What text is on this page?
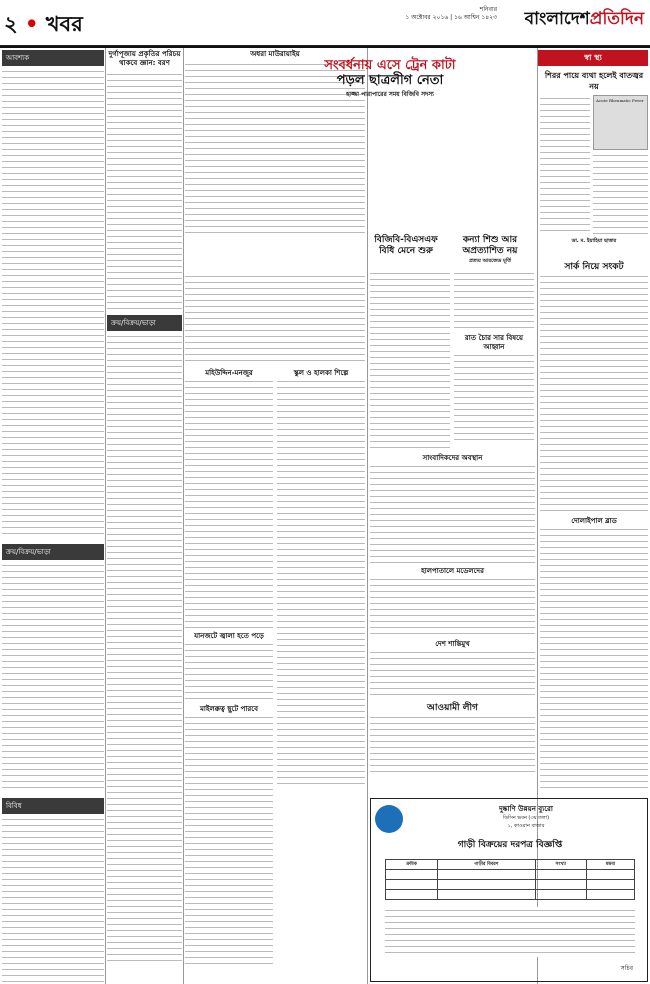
২ • খবর
শনিবার
১ অক্টোবর ২০১৬ | ১৬ আশ্বিন ১৪২৩ বাংলাদেশপ্রতিদিন
আবশ্যক
ক্রয়/বিক্রয়/ভাড়া
বিবিধ
দুর্গাপূজায় প্রকৃতির পরিচয়
থাকবে জ্ঞান: বরণ
ক্রয়/বিক্রয়/ভাড়া
অধরা মাউরায়াইয়
মহিউদ্দিন-মনজুর
যানজটে জ্বালা হতে পড়ে
মাইলক্কত্ব ছুটে পারবে
স্কুল ও হালকা শিল্পে
সংবর্ধনায় এসে ট্রেন কাটা
পড়ল ছাত্রলীগ নেতা
হাজ্জা পারাপারের সময় বিজিবি সদস্য
বিজিবি-বিএসএফ
বিধি মেনে শুরু
কন্যা শিশু আর
অপ্রত্যাশিত নয়
প্রত্যয় আরজেড মূর্তি
রাত চৈার সার বিষয়ে আহ্বান
সাংবাদিকদের অবস্থান
হালপাতালে মডেলদের
দেশ শান্তিমুখ
আওয়ামী লীগ
স্বা স্থ্য
শিরর পায়ে ব্যথা হলেই বাতজ্বর নয়
Acute Rheumatic Fever
ডা. ম. ইয়াহিয়া ছাত্তার
সার্ক নিয়ে সংকট
দোলাইপাল ব্লাড
দুষ্কাণি উন্নয়ন ব্যুরো
ডিসিন ভবন (৩য় তলা)
১, কাওরান বাজার
গাড়ী বিক্রয়ের দরপত্র বিজ্ঞপ্তি
ক্রমিক	গাড়ীর বিবরণ	সংখ্যা	মন্তব্য

সচিব
